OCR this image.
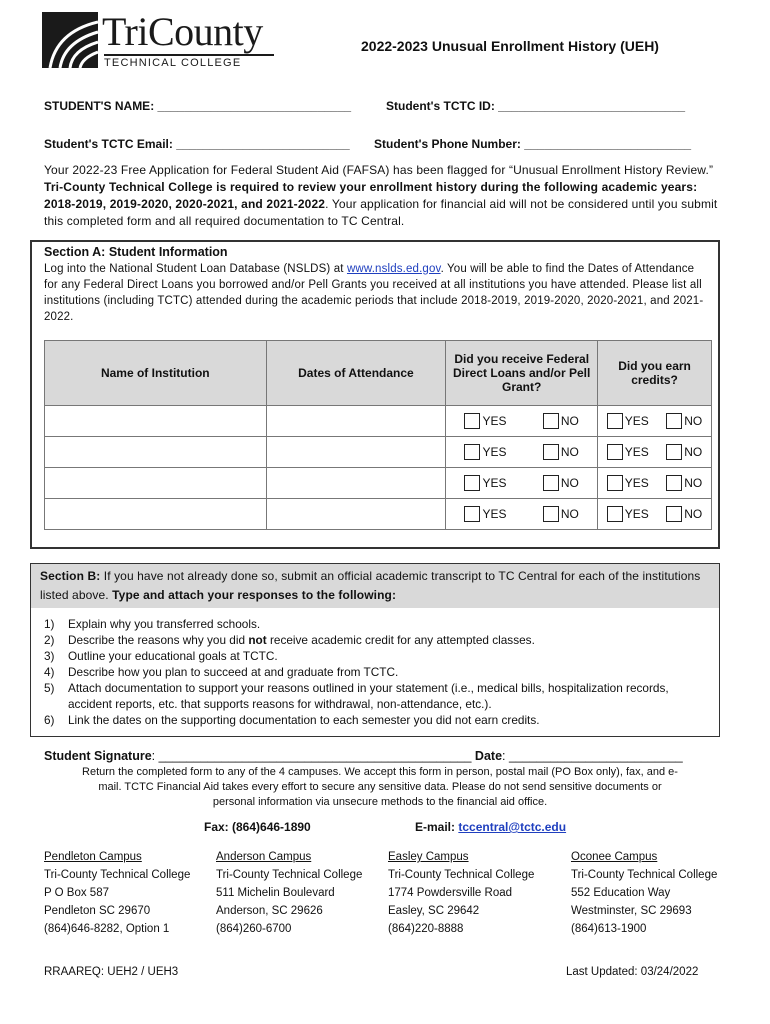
TriCounty
TECHNICAL COLLEGE
2022-2023 Unusual Enrollment History (UEH)
STUDENT'S NAME: _____________________________	Student's TCTC ID: ____________________________
Student's TCTC Email: __________________________ Student's Phone Number: _________________________
Your 2022-23 Free Application for Federal Student Aid (FAFSA) has been flagged for “Unusual Enrollment History Review.” Tri-County Technical College is required to review your enrollment history during the following academic years: 2018-2019, 2019-2020, 2020-2021, and 2021-2022. Your application for financial aid will not be considered until you submit this completed form and all required documentation to TC Central.
Section A: Student Information
Log into the National Student Loan Database (NSLDS) at www.nslds.ed.gov. You will be able to find the Dates of Attendance for any Federal Direct Loans you borrowed and/or Pell Grants you received at all institutions you have attended. Please list all institutions (including TCTC) attended during the academic periods that include 2018-2019, 2019-2020, 2020-2021, and 2021-2022.
Name of Institution	Dates of Attendance	Did you receive Federal Direct Loans and/or Pell Grant?	Did you earn credits?

		YES NO	YES NO

		YES NO	YES NO

		YES NO	YES NO

		YES NO	YES NO
Section B: If you have not already done so, submit an official academic transcript to TC Central for each of the institutions listed above. Type and attach your responses to the following:
1) Explain why you transferred schools.
2) Describe the reasons why you did not receive academic credit for any attempted classes.
3) Outline your educational goals at TCTC.
4) Describe how you plan to succeed at and graduate from TCTC.
5) Attach documentation to support your reasons outlined in your statement (i.e., medical bills, hospitalization records, accident reports, etc. that supports reasons for withdrawal, non-attendance, etc.).
6) Link the dates on the supporting documentation to each semester you did not earn credits.
Student Signature: _____________________________________________ Date: _________________________
Return the completed form to any of the 4 campuses. We accept this form in person, postal mail (PO Box only), fax, and e-mail. TCTC Financial Aid takes every effort to secure any sensitive data. Please do not send sensitive documents or personal information via unsecure methods to the financial aid office.
Fax: (864)646-1890	E-mail: tccentral@tctc.edu
Pendleton Campus
Tri-County Technical College
P O Box 587
Pendleton SC 29670
(864)646-8282, Option 1
Anderson Campus
Tri-County Technical College
511 Michelin Boulevard
Anderson, SC 29626
(864)260-6700
Easley Campus
Tri-County Technical College
1774 Powdersville Road
Easley, SC 29642
(864)220-8888
Oconee Campus
Tri-County Technical College
552 Education Way
Westminster, SC 29693
(864)613-1900
RRAAREQ: UEH2 / UEH3	Last Updated: 03/24/2022
